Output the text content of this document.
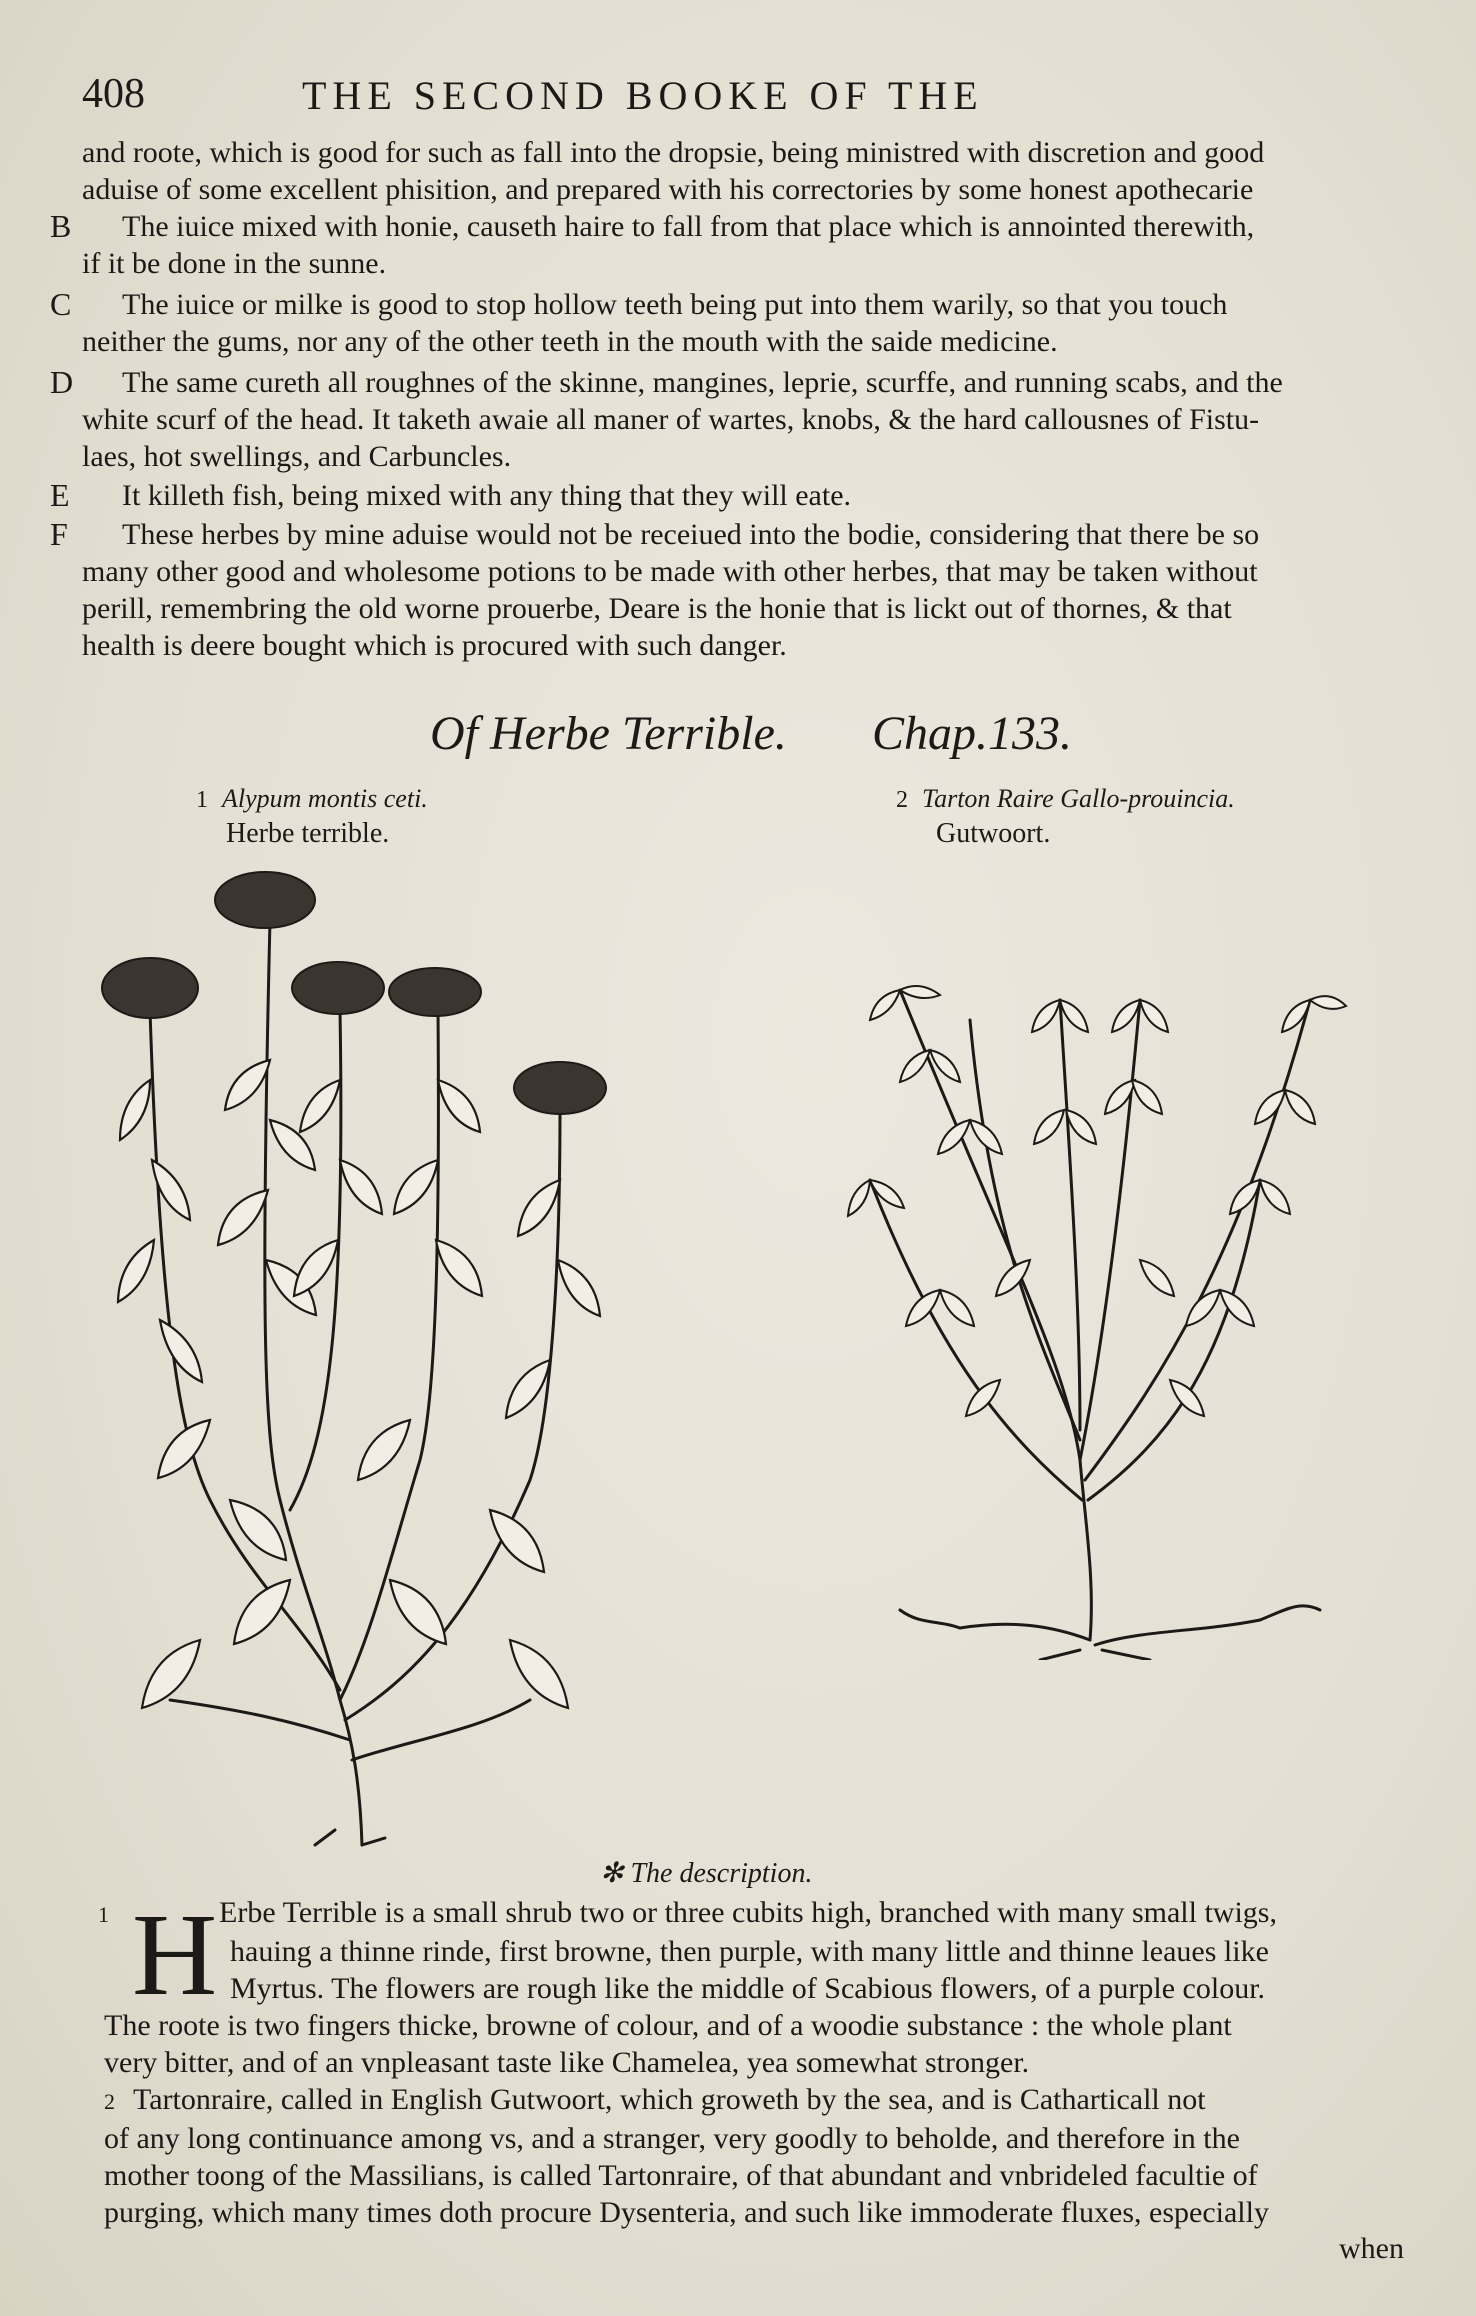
408	THE SECOND BOOKE OF THE
and roote, which is good for such as fall into the dropsie, being ministred with discretion and good
aduise of some excellent phisition, and prepared with his correctories by some honest apothecarie
B	The iuice mixed with honie, causeth haire to fall from that place which is annointed therewith,
if it be done in the sunne.
C	The iuice or milke is good to stop hollow teeth being put into them warily, so that you touch
neither the gums, nor any of the other teeth in the mouth with the saide medicine.
D	The same cureth all roughnes of the skinne, mangines, leprie, scurffe, and running scabs, and the
white scurf of the head. It taketh awaie all maner of wartes, knobs, & the hard callousnes of Fistu-
laes, hot swellings, and Carbuncles.
E	It killeth fish, being mixed with any thing that they will eate.
F	These herbes by mine aduise would not be receiued into the bodie, considering that there be so
many other good and wholesome potions to be made with other herbes, that may be taken without
perill, remembring the old worne prouerbe, Deare is the honie that is lickt out of thornes, & that
health is deere bought which is procured with such danger.
Of Herbe Terrible. Chap.133.
1 Alypum montis ceti.
Herbe terrible.
2 Tarton Raire Gallo-prouincia.
Gutwoort.
✻ The description.
H
1	Erbe Terrible is a small shrub two or three cubits high, branched with many small twigs,
hauing a thinne rinde, first browne, then purple, with many little and thinne leaues like
Myrtus. The flowers are rough like the middle of Scabious flowers, of a purple colour.
The roote is two fingers thicke, browne of colour, and of a woodie substance : the whole plant
very bitter, and of an vnpleasant taste like Chamelea, yea somewhat stronger.
2 Tartonraire, called in English Gutwoort, which groweth by the sea, and is Catharticall not
of any long continuance among vs, and a stranger, very goodly to beholde, and therefore in the
mother toong of the Massilians, is called Tartonraire, of that abundant and vnbrideled facultie of
purging, which many times doth procure Dysenteria, and such like immoderate fluxes, especially
when
